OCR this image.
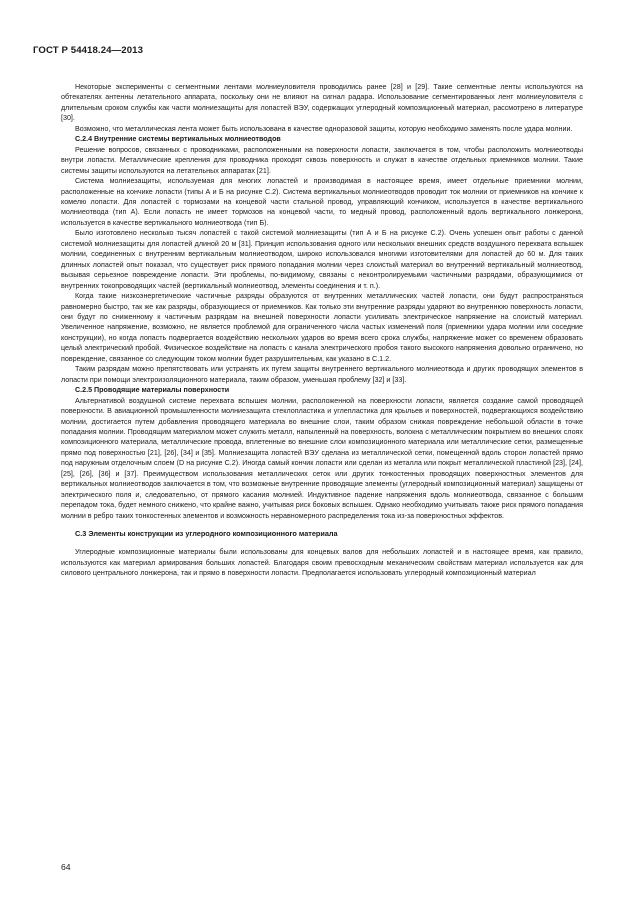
ГОСТ Р 54418.24—2013

Некоторые эксперименты с сегментными лентами молниеуловителя проводились ранее [28] и [29]. Такие сегментные ленты используются на обтекателях антенны летательного аппарата, поскольку они не влияют на сигнал радара. Использование сегментированных лент молниеуловителя с длительным сроком службы как части молниезащиты для лопастей ВЭУ, содержащих углеродный композиционный материал, рассмотрено в литературе [30].

Возможно, что металлическая лента может быть использована в качестве одноразовой защиты, которую необходимо заменять после удара молнии.

С.2.4 Внутренние системы вертикальных молниеотводов

Решение вопросов, связанных с проводниками, расположенными на поверхности лопасти, заключается в том, чтобы расположить молниеотводы внутри лопасти. Металлические крепления для проводника проходят сквозь поверхность и служат в качестве отдельных приемников молнии. Такие системы защиты используются на летательных аппаратах [21].

Система молниезащиты, используемая для многих лопастей и производимая в настоящее время, имеет отдельные приемники молнии, расположенные на кончике лопасти (типы А и Б на рисунке С.2). Система вертикальных молниеотводов проводит ток молнии от приемников на кончике к комелю лопасти. Для лопастей с тормозами на концевой части стальной провод, управляющий кончиком, используется в качестве вертикального молниеотвода (тип А). Если лопасть не имеет тормозов на концевой части, то медный провод, расположенный вдоль вертикального лонжерона, используется в качестве вертикального молниеотвода (тип Б).

Было изготовлено несколько тысяч лопастей с такой системой молниезащиты (тип А и Б на рисунке С.2). Очень успешен опыт работы с данной системой молниезащиты для лопастей длиной 20 м [31]. Принцип использования одного или нескольких внешних средств воздушного перехвата вспышек молнии, соединенных с внутренним вертикальным молниеотводом, широко использовался многими изготовителями для лопастей до 60 м. Для таких длинных лопастей опыт показал, что существует риск прямого попадания молнии через слоистый материал во внутренний вертикальный молниеотвод, вызывая серьезное повреждение лопасти. Эти проблемы, по-видимому, связаны с неконтролируемыми частичными разрядами, образующимися от внутренних токопроводящих частей (вертикальный молниеотвод, элементы соединения и т. п.).

Когда такие низкоэнергетические частичные разряды образуются от внутренних металлических частей лопасти, они будут распространяться равномерно быстро, так же как разряды, образующиеся от приемников. Как только эти внутренние разряды ударяют во внутреннюю поверхность лопасти, они будут по сниженному к частичным разрядам на внешней поверхности лопасти усиливать электрическое напряжение на слоистый материал. Увеличенное напряжение, возможно, не является проблемой для ограниченного числа частых изменений поля (приемники удара молнии или соседние конструкции), но когда лопасть подвергается воздействию нескольких ударов во время всего срока службы, напряжение может со временем образовать целый электрический пробой. Физическое воздействие на лопасть с канала электрического пробоя такого высокого напряжения довольно ограничено, но повреждение, связанное со следующим током молнии будет разрушительным, как указано в С.1.2.

Таким разрядам можно препятствовать или устранять их путем защиты внутреннего вертикального молниеотвода и других проводящих элементов в лопасти при помощи электроизоляционного материала, таким образом, уменьшая проблему [32] и [33].

С.2.5 Проводящие материалы поверхности

Альтернативой воздушной системе перехвата вспышек молнии, расположенной на поверхности лопасти, является создание самой проводящей поверхности. В авиационной промышленности молниезащита стеклопластика и углепластика для крыльев и поверхностей, подвергающихся воздействию молнии, достигается путем добавления проводящего материала во внешние слои, таким образом снижая повреждение небольшой области в точке попадания молнии. Проводящим материалом может служить металл, напыленный на поверхность, волокна с металлическим покрытием во внешних слоях композиционного материала, металлические провода, вплетенные во внешние слои композиционного материала или металлические сетки, размещенные прямо под поверхностью [21], [26], [34] и [35]. Молниезащита лопастей ВЭУ сделана из металлической сетки, помещенной вдоль сторон лопастей прямо под наружным отделочным слоем (D на рисунке С.2). Иногда самый кончик лопасти или сделан из металла или покрыт металлической пластиной [23], [24], [25], [26], [36] и [37]. Преимуществом использования металлических сеток или других тонкостенных проводящих поверхностных элементов для вертикальных молниеотводов заключается в том, что возможные внутренние проводящие элементы (углеродный композиционный материал) защищены от электрического поля и, следовательно, от прямого касания молнией. Индуктивное падение напряжения вдоль молниеотвода, связанное с большим перепадом тока, будет немного снижено, что крайне важно, учитывая риск боковых вспышек. Однако необходимо учитывать также риск прямого попадания молнии в ребро таких тонкостенных элементов и возможность неравномерного распределения тока из-за поверхностных эффектов.

С.3 Элементы конструкции из углеродного композиционного материала

Углеродные композиционные материалы были использованы для концевых валов для небольших лопастей и в настоящее время, как правило, используются как материал армирования больших лопастей. Благодаря своим превосходным механическим свойствам материал используется как для силового центрального лонжерона, так и прямо в поверхности лопасти. Предполагается использовать углеродный композиционный материал

64
